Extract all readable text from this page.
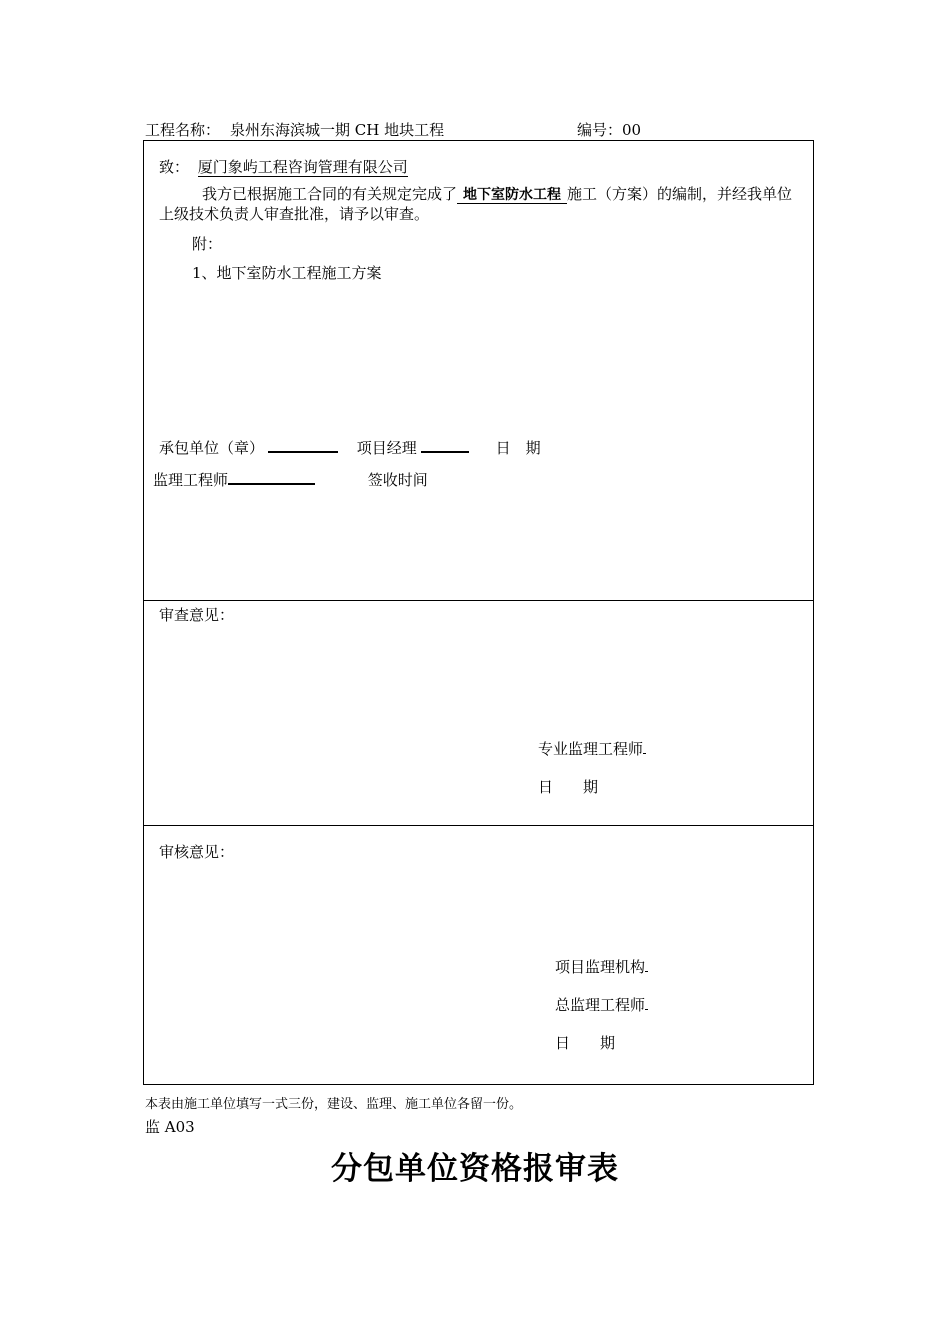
工程名称： 泉州东海滨城一期 CH 地块工程	编号：00
致： 厦门象屿工程咨询管理有限公司
我方已根据施工合同的有关规定完成了 地下室防水工程 施工（方案）的编制，并经我单位上级技术负责人审查批准，请予以审查。
附：
1、地下室防水工程施工方案
承包单位（章）	项目经理	日　期
监理工程师	签收时间
审查意见：
专业监理工程师
日　　期
审核意见：
项目监理机构
总监理工程师
日　　期
本表由施工单位填写一式三份，建设、监理、施工单位各留一份。
监 A03
分包单位资格报审表
